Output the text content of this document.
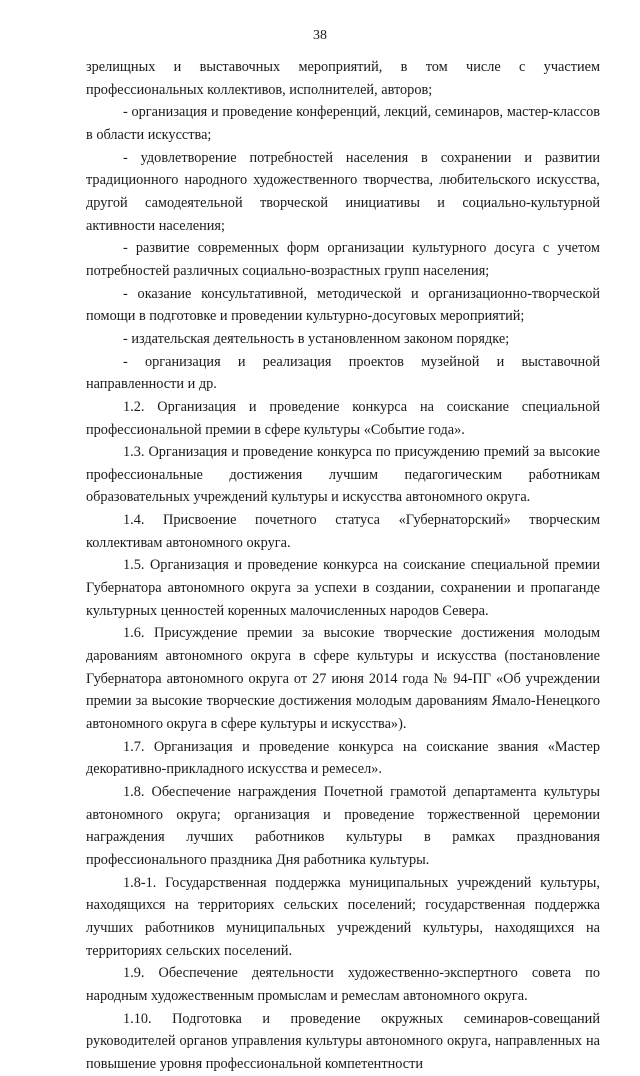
38

зрелищных и выставочных мероприятий, в том числе с участием профессиональных коллективов, исполнителей, авторов;

- организация и проведение конференций, лекций, семинаров, мастер-классов в области искусства;

- удовлетворение потребностей населения в сохранении и развитии традиционного народного художественного творчества, любительского искусства, другой самодеятельной творческой инициативы и социально-культурной активности населения;

- развитие современных форм организации культурного досуга с учетом потребностей различных социально-возрастных групп населения;

- оказание консультативной, методической и организационно-творческой помощи в подготовке и проведении культурно-досуговых мероприятий;

- издательская деятельность в установленном законом порядке;

- организация и реализация проектов музейной и выставочной направленности и др.

1.2. Организация и проведение конкурса на соискание специальной профессиональной премии в сфере культуры «Событие года».

1.3. Организация и проведение конкурса по присуждению премий за высокие профессиональные достижения лучшим педагогическим работникам образовательных учреждений культуры и искусства автономного округа.

1.4. Присвоение почетного статуса «Губернаторский» творческим коллективам автономного округа.

1.5. Организация и проведение конкурса на соискание специальной премии Губернатора автономного округа за успехи в создании, сохранении и пропаганде культурных ценностей коренных малочисленных народов Севера.

1.6. Присуждение премии за высокие творческие достижения молодым дарованиям автономного округа в сфере культуры и искусства (постановление Губернатора автономного округа от 27 июня 2014 года № 94-ПГ «Об учреждении премии за высокие творческие достижения молодым дарованиям Ямало-Ненецкого автономного округа в сфере культуры и искусства»).

1.7. Организация и проведение конкурса на соискание звания «Мастер декоративно-прикладного искусства и ремесел».

1.8. Обеспечение награждения Почетной грамотой департамента культуры автономного округа; организация и проведение торжественной церемонии награждения лучших работников культуры в рамках празднования профессионального праздника Дня работника культуры.

1.8-1. Государственная поддержка муниципальных учреждений культуры, находящихся на территориях сельских поселений; государственная поддержка лучших работников муниципальных учреждений культуры, находящихся на территориях сельских поселений.

1.9. Обеспечение деятельности художественно-экспертного совета по народным художественным промыслам и ремеслам автономного округа.

1.10. Подготовка и проведение окружных семинаров-совещаний руководителей органов управления культуры автономного округа, направленных на повышение уровня профессиональной компетентности
